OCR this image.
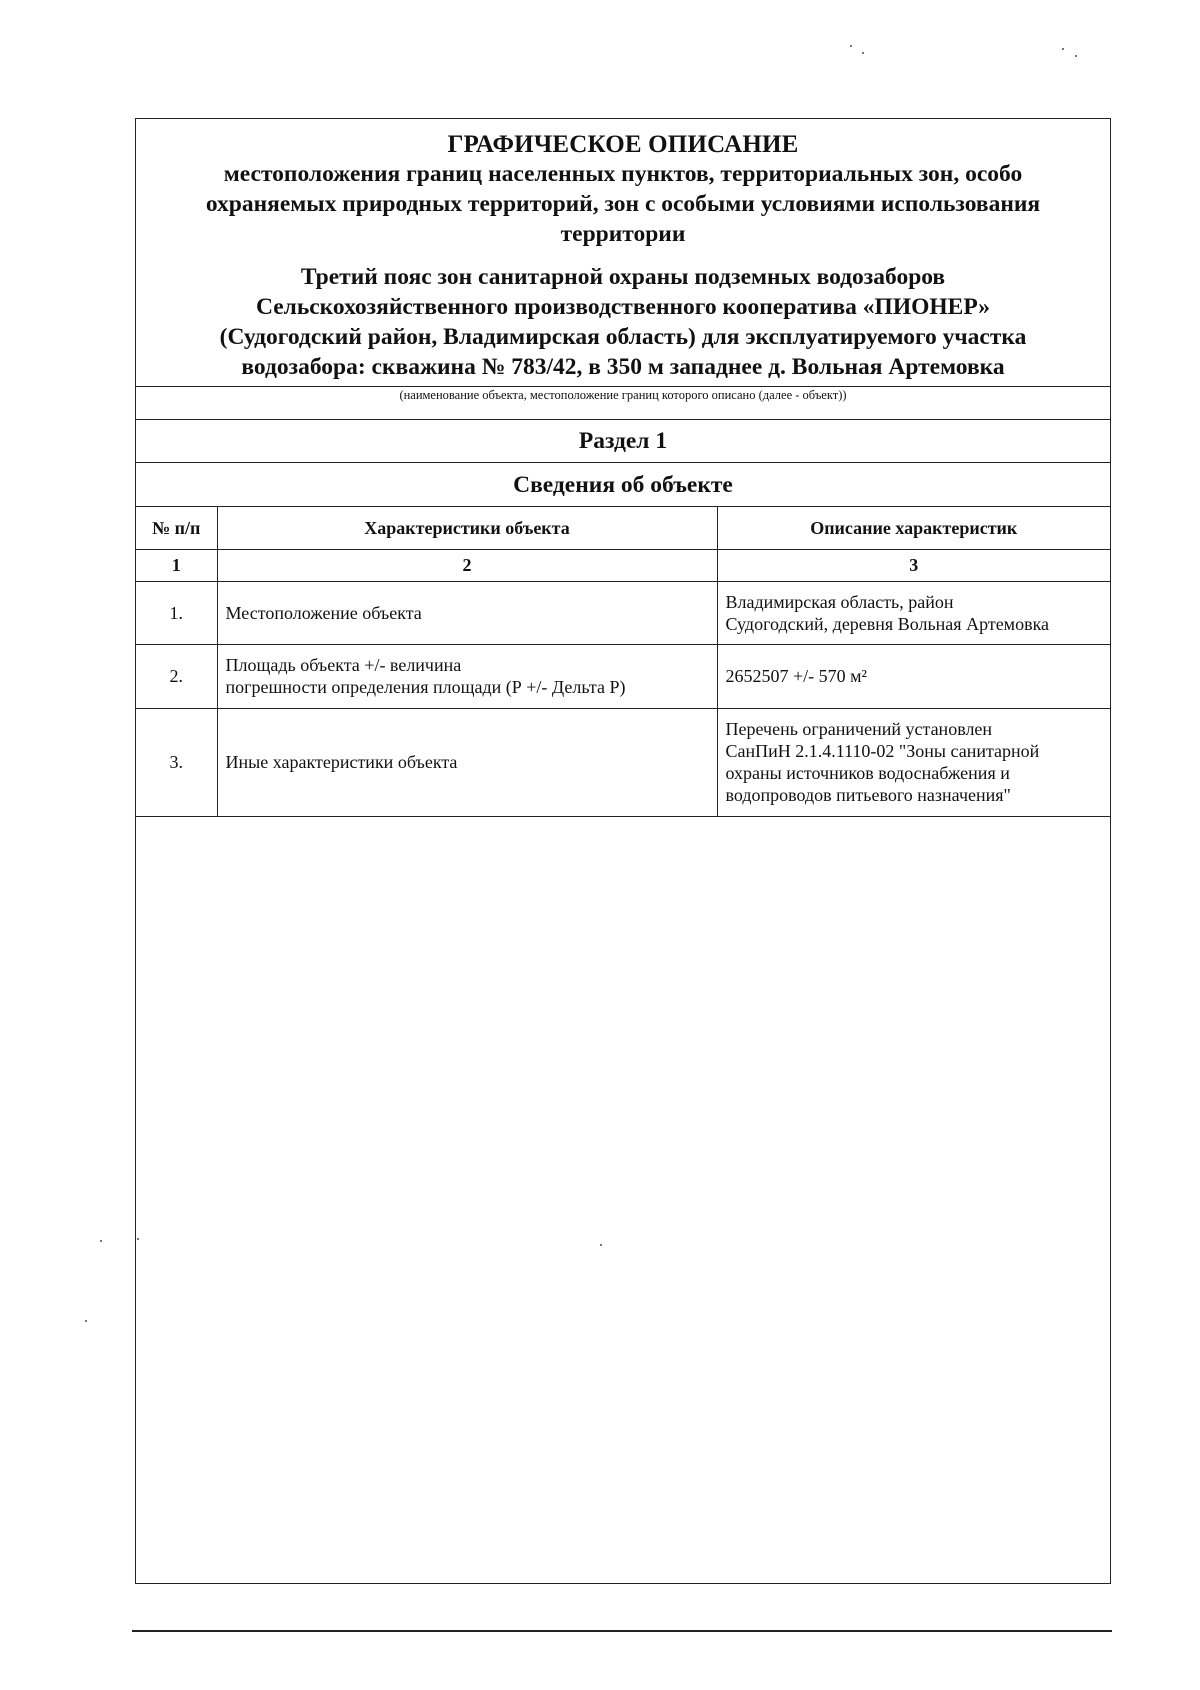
ГРАФИЧЕСКОЕ ОПИСАНИЕ
местоположения границ населенных пунктов, территориальных зон, особо
охраняемых природных территорий, зон с особыми условиями использования
территории
Третий пояс зон санитарной охраны подземных водозаборов
Сельскохозяйственного производственного кооператива «ПИОНЕР»
(Судогодский район, Владимирская область) для эксплуатируемого участка
водозабора: скважина № 783/42, в 350 м западнее д. Вольная Артемовка
(наименование объекта, местоположение границ которого описано (далее - объект))
Раздел 1
Сведения об объекте
№ п/п	Характеристики объекта	Описание характеристик
1	2	3
1.	Местоположение объекта	Владимирская область, район
Судогодский, деревня Вольная Артемовка

2.	Площадь объекта +/- величина
погрешности определения площади (Р +/- Дельта Р)	2652507 +/- 570 м²

3.	Иные характеристики объекта	Перечень ограничений установлен
СанПиН 2.1.4.1110-02 "Зоны санитарной
охраны источников водоснабжения и
водопроводов питьевого назначения"
